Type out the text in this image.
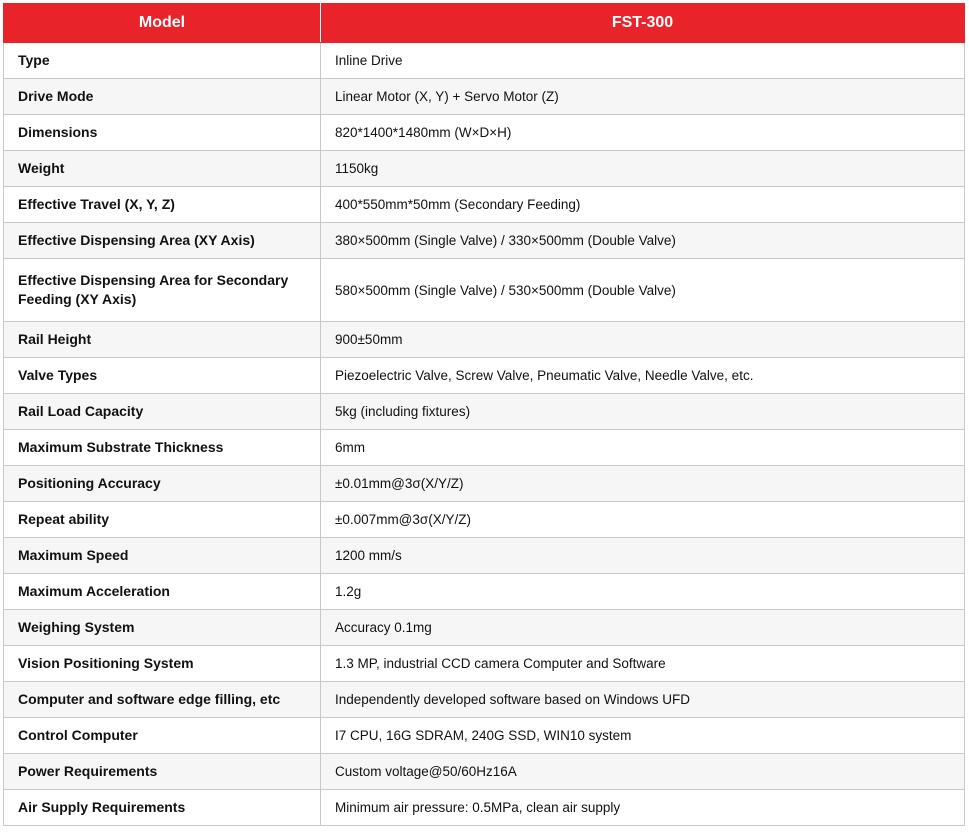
Model	FST-300
Type	Inline Drive
Drive Mode	Linear Motor (X, Y) + Servo Motor (Z)
Dimensions	820*1400*1480mm (W×D×H)
Weight	1150kg
Effective Travel (X, Y, Z)	400*550mm*50mm (Secondary Feeding)
Effective Dispensing Area (XY Axis)	380×500mm (Single Valve) / 330×500mm (Double Valve)
Effective Dispensing Area for Secondary Feeding (XY Axis)	580×500mm (Single Valve) / 530×500mm (Double Valve)
Rail Height	900±50mm
Valve Types	Piezoelectric Valve, Screw Valve, Pneumatic Valve, Needle Valve, etc.
Rail Load Capacity	5kg (including fixtures)
Maximum Substrate Thickness	6mm
Positioning Accuracy	±0.01mm@3σ(X/Y/Z)
Repeat ability	±0.007mm@3σ(X/Y/Z)
Maximum Speed	1200 mm/s
Maximum Acceleration	1.2g
Weighing System	Accuracy 0.1mg
Vision Positioning System	1.3 MP, industrial CCD camera Computer and Software
Computer and software edge filling, etc	Independently developed software based on Windows UFD
Control Computer	I7 CPU, 16G SDRAM, 240G SSD, WIN10 system
Power Requirements	Custom voltage@50/60Hz16A
Air Supply Requirements	Minimum air pressure: 0.5MPa, clean air supply
